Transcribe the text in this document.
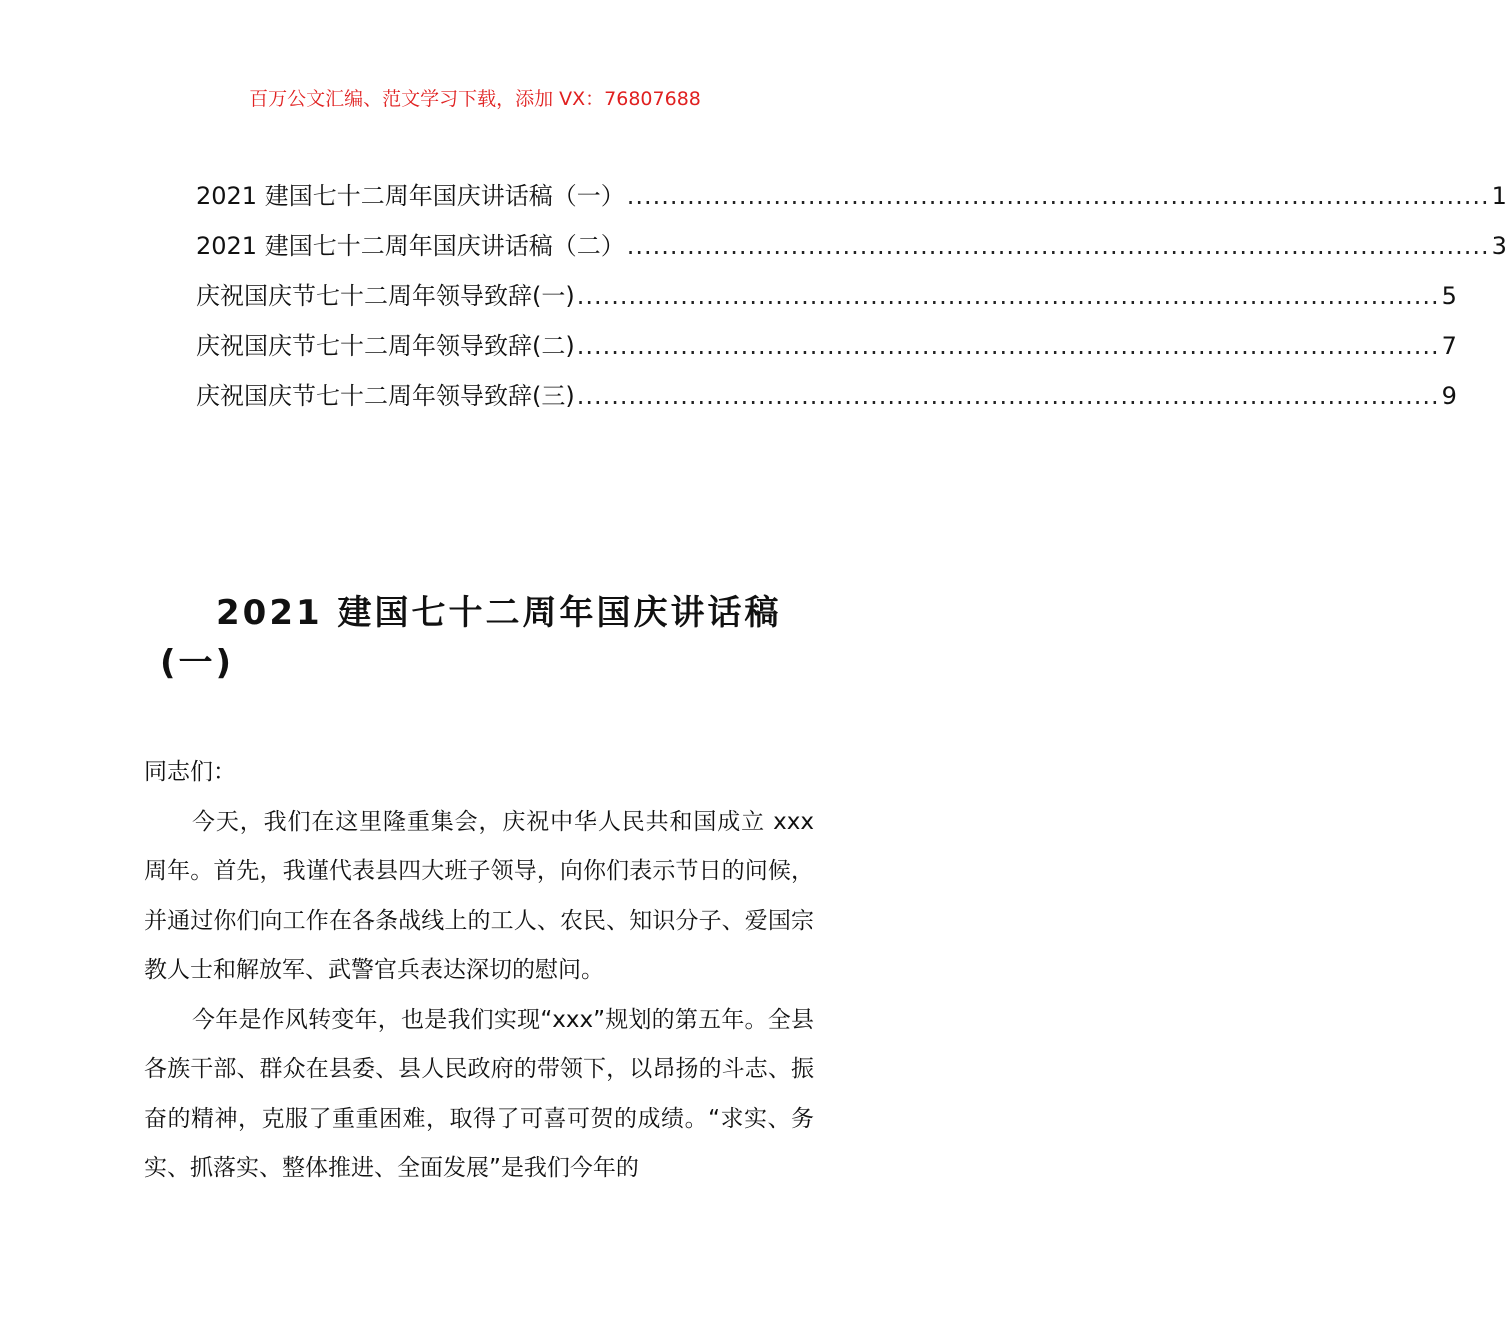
百万公文汇编、范文学习下载，添加 VX：76807688
2021 建国七十二周年国庆讲话稿（一） .................................................................................................... 1
2021 建国七十二周年国庆讲话稿（二） .................................................................................................... 3
庆祝国庆节七十二周年领导致辞(一) .................................................................................................... 5
庆祝国庆节七十二周年领导致辞(二) .................................................................................................... 7
庆祝国庆节七十二周年领导致辞(三) .................................................................................................... 9
2021 建国七十二周年国庆讲话稿
(一)

同志们：

今天，我们在这里隆重集会，庆祝中华人民共和国成立 xxx 周年。首先，我谨代表县四大班子领导，向你们表示节日的问候，并通过你们向工作在各条战线上的工人、农民、知识分子、爱国宗教人士和解放军、武警官兵表达深切的慰问。

今年是作风转变年，也是我们实现“xxx”规划的第五年。全县各族干部、群众在县委、县人民政府的带领下，以昂扬的斗志、振奋的精神，克服了重重困难，取得了可喜可贺的成绩。“求实、务实、抓落实、整体推进、全面发展”是我们今年的
